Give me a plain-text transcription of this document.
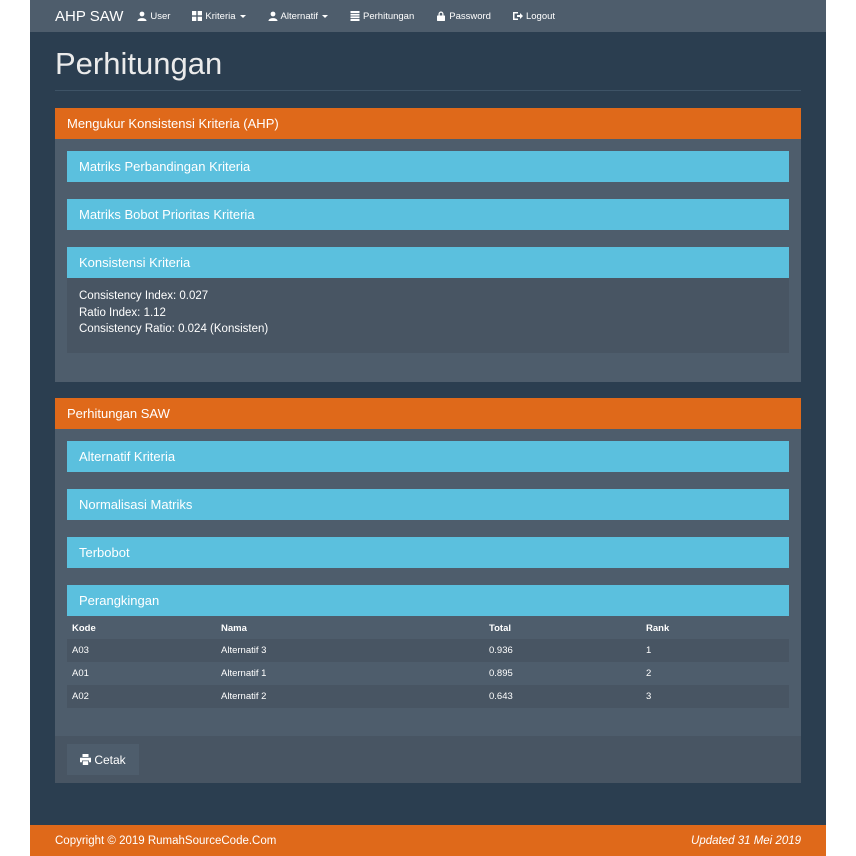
AHP SAW	User	Kriteria	Alternatif	Perhitungan	Password	Logout
Perhitungan
Mengukur Konsistensi Kriteria (AHP)
Matriks Perbandingan Kriteria
Matriks Bobot Prioritas Kriteria
Konsistensi Kriteria
Consistency Index: 0.027
Ratio Index: 1.12
Consistency Ratio: 0.024 (Konsisten)
Perhitungan SAW
Alternatif Kriteria
Normalisasi Matriks
Terbobot
Perangkingan
Kode	Nama	Total	Rank
A03	Alternatif 3	0.936	1
A01	Alternatif 1	0.895	2
A02	Alternatif 2	0.643	3
Cetak
Copyright © 2019 RumahSourceCode.Com	Updated 31 Mei 2019
